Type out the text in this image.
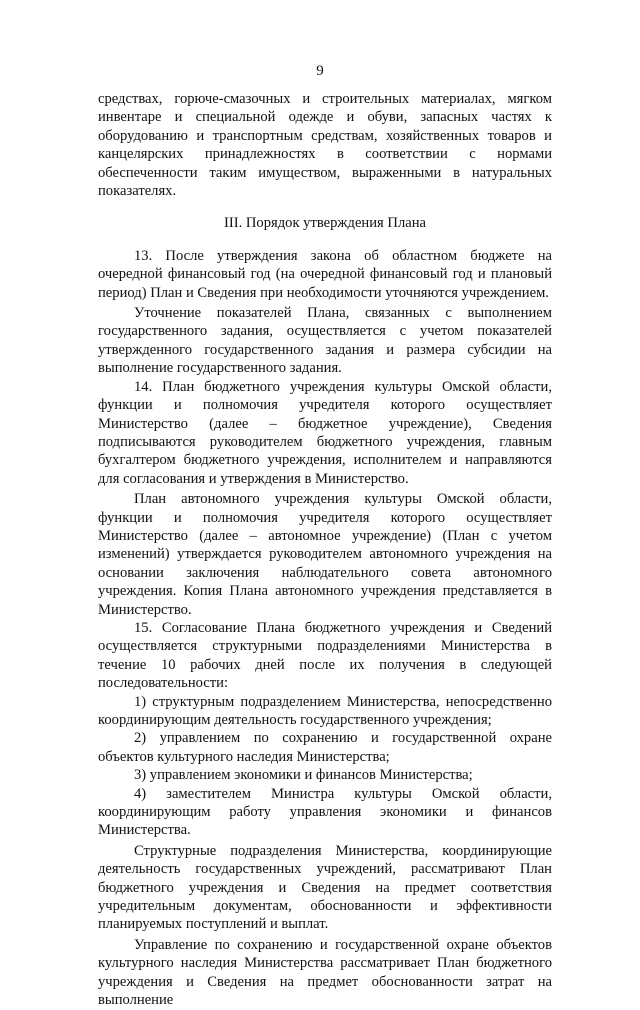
9

средствах, горюче-смазочных и строительных материалах, мягком инвентаре и специальной одежде и обуви, запасных частях к оборудованию и транспортным средствам, хозяйственных товаров и канцелярских принадлежностях в соответствии с нормами обеспеченности таким имуществом, выраженными в натуральных показателях.

III. Порядок утверждения Плана

13. После утверждения закона об областном бюджете на очередной финансовый год (на очередной финансовый год и плановый период) План и Сведения при необходимости уточняются учреждением.

Уточнение показателей Плана, связанных с выполнением государственного задания, осуществляется с учетом показателей утвержденного государственного задания и размера субсидии на выполнение государственного задания.

14. План бюджетного учреждения культуры Омской области, функции и полномочия учредителя которого осуществляет Министерство (далее – бюджетное учреждение), Сведения подписываются руководителем бюджетного учреждения, главным бухгалтером бюджетного учреждения, исполнителем и направляются для согласования и утверждения в Министерство.

План автономного учреждения культуры Омской области, функции и полномочия учредителя которого осуществляет Министерство (далее – автономное учреждение) (План с учетом изменений) утверждается руководителем автономного учреждения на основании заключения наблюдательного совета автономного учреждения. Копия Плана автономного учреждения представляется в Министерство.

15. Согласование Плана бюджетного учреждения и Сведений осуществляется структурными подразделениями Министерства в течение 10 рабочих дней после их получения в следующей последовательности:

1) структурным подразделением Министерства, непосредственно координирующим деятельность государственного учреждения;

2) управлением по сохранению и государственной охране объектов культурного наследия Министерства;

3) управлением экономики и финансов Министерства;

4) заместителем Министра культуры Омской области, координирующим работу управления экономики и финансов Министерства.

Структурные подразделения Министерства, координирующие деятельность государственных учреждений, рассматривают План бюджетного учреждения и Сведения на предмет соответствия учредительным документам, обоснованности и эффективности планируемых поступлений и выплат.

Управление по сохранению и государственной охране объектов культурного наследия Министерства рассматривает План бюджетного учреждения и Сведения на предмет обоснованности затрат на выполнение
